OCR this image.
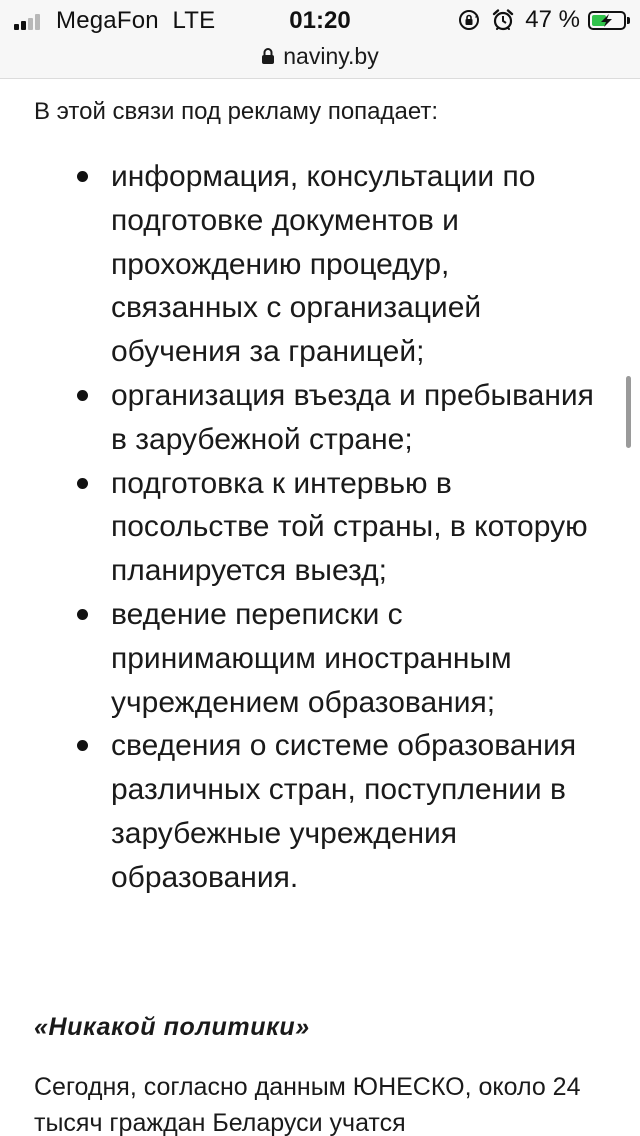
MegaFon  LTE	01:20	47 %
naviny.by

В этой связи под рекламу попадает:

информация, консультации по подготовке документов и прохождению процедур, связанных с организацией обучения за границей;
организация въезда и пребывания в зарубежной стране;
подготовка к интервью в посольстве той страны, в которую планируется выезд;
ведение переписки с принимающим иностранным учреждением образования;
сведения о системе образования различных стран, поступлении в зарубежные учреждения образования.
«Никакой политики»

Сегодня, согласно данным ЮНЕСКО, около 24 тысяч граждан Беларуси учатся
